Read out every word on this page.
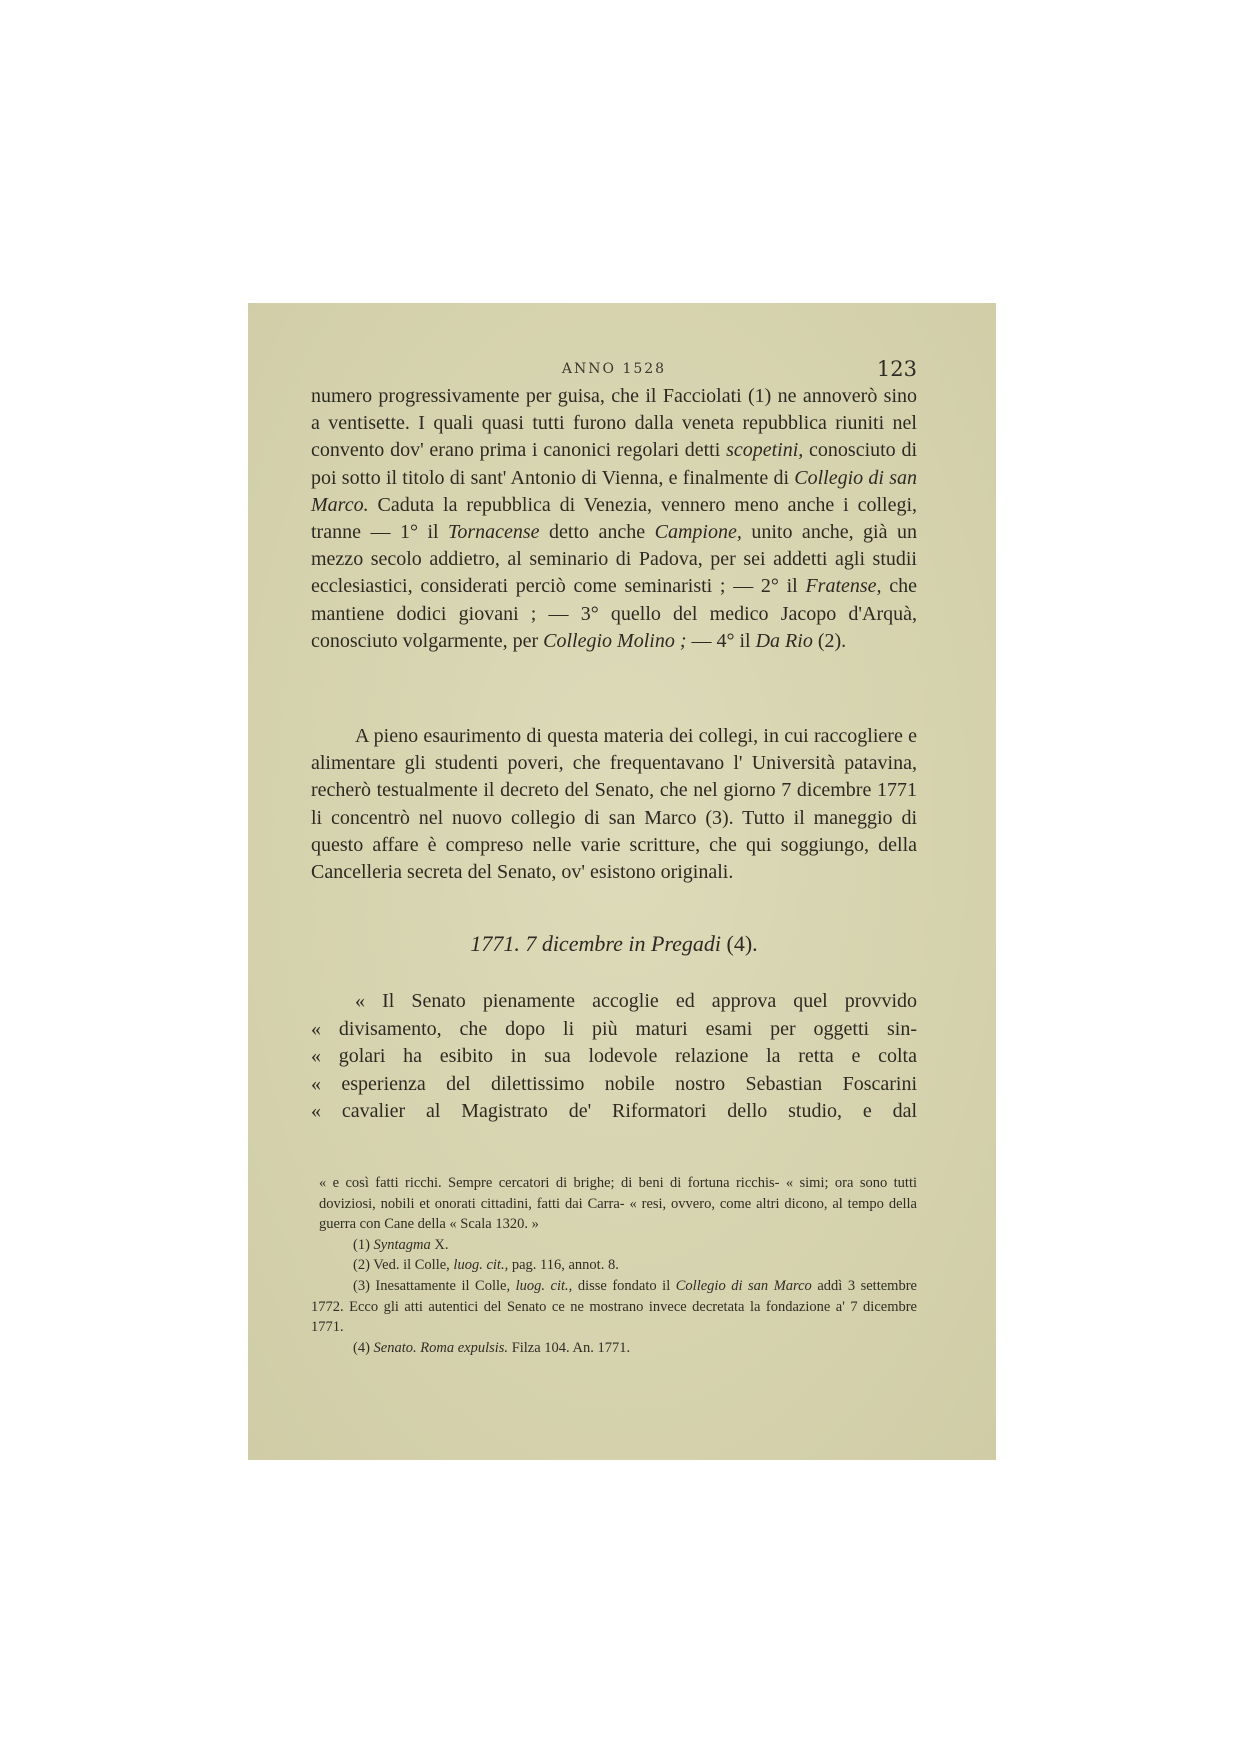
ANNO 1528	123

numero progressivamente per guisa, che il Facciolati (1) ne annoverò sino a ventisette. I quali quasi tutti furono dalla veneta repubblica riuniti nel convento dov' erano prima i canonici regolari detti scopetini, conosciuto di poi sotto il titolo di sant' Antonio di Vienna, e finalmente di Collegio di san Marco. Caduta la repubblica di Venezia, vennero meno anche i collegi, tranne — 1° il Tornacense detto anche Campione, unito anche, già un mezzo secolo addietro, al seminario di Padova, per sei addetti agli studii ecclesiastici, considerati perciò come seminaristi ; — 2° il Fratense, che mantiene dodici giovani ; — 3° quello del medico Jacopo d'Arquà, conosciuto volgarmente, per Collegio Molino ; — 4° il Da Rio (2).

A pieno esaurimento di questa materia dei collegi, in cui raccogliere e alimentare gli studenti poveri, che frequentavano l' Università patavina, recherò testualmente il decreto del Senato, che nel giorno 7 dicembre 1771 li concentrò nel nuovo collegio di san Marco (3). Tutto il maneggio di questo affare è compreso nelle varie scritture, che qui soggiungo, della Cancelleria secreta del Senato, ov' esistono originali.

1771. 7 dicembre in Pregadi (4).
« Il Senato pienamente accoglie ed approva quel provvido
« divisamento, che dopo li più maturi esami per oggetti sin-
« golari ha esibito in sua lodevole relazione la retta e colta
« esperienza del dilettissimo nobile nostro Sebastian Foscarini
« cavalier al Magistrato de' Riformatori dello studio, e dal
« e così fatti ricchi. Sempre cercatori di brighe; di beni di fortuna ricchis- « simi; ora sono tutti doviziosi, nobili et onorati cittadini, fatti dai Carra- « resi, ovvero, come altri dicono, al tempo della guerra con Cane della « Scala 1320. »
(1) Syntagma X.
(2) Ved. il Colle, luog. cit., pag. 116, annot. 8.
(3) Inesattamente il Colle, luog. cit., disse fondato il Collegio di san Marco addì 3 settembre 1772. Ecco gli atti autentici del Senato ce ne mostrano invece decretata la fondazione a' 7 dicembre 1771.
(4) Senato. Roma expulsis. Filza 104. An. 1771.
